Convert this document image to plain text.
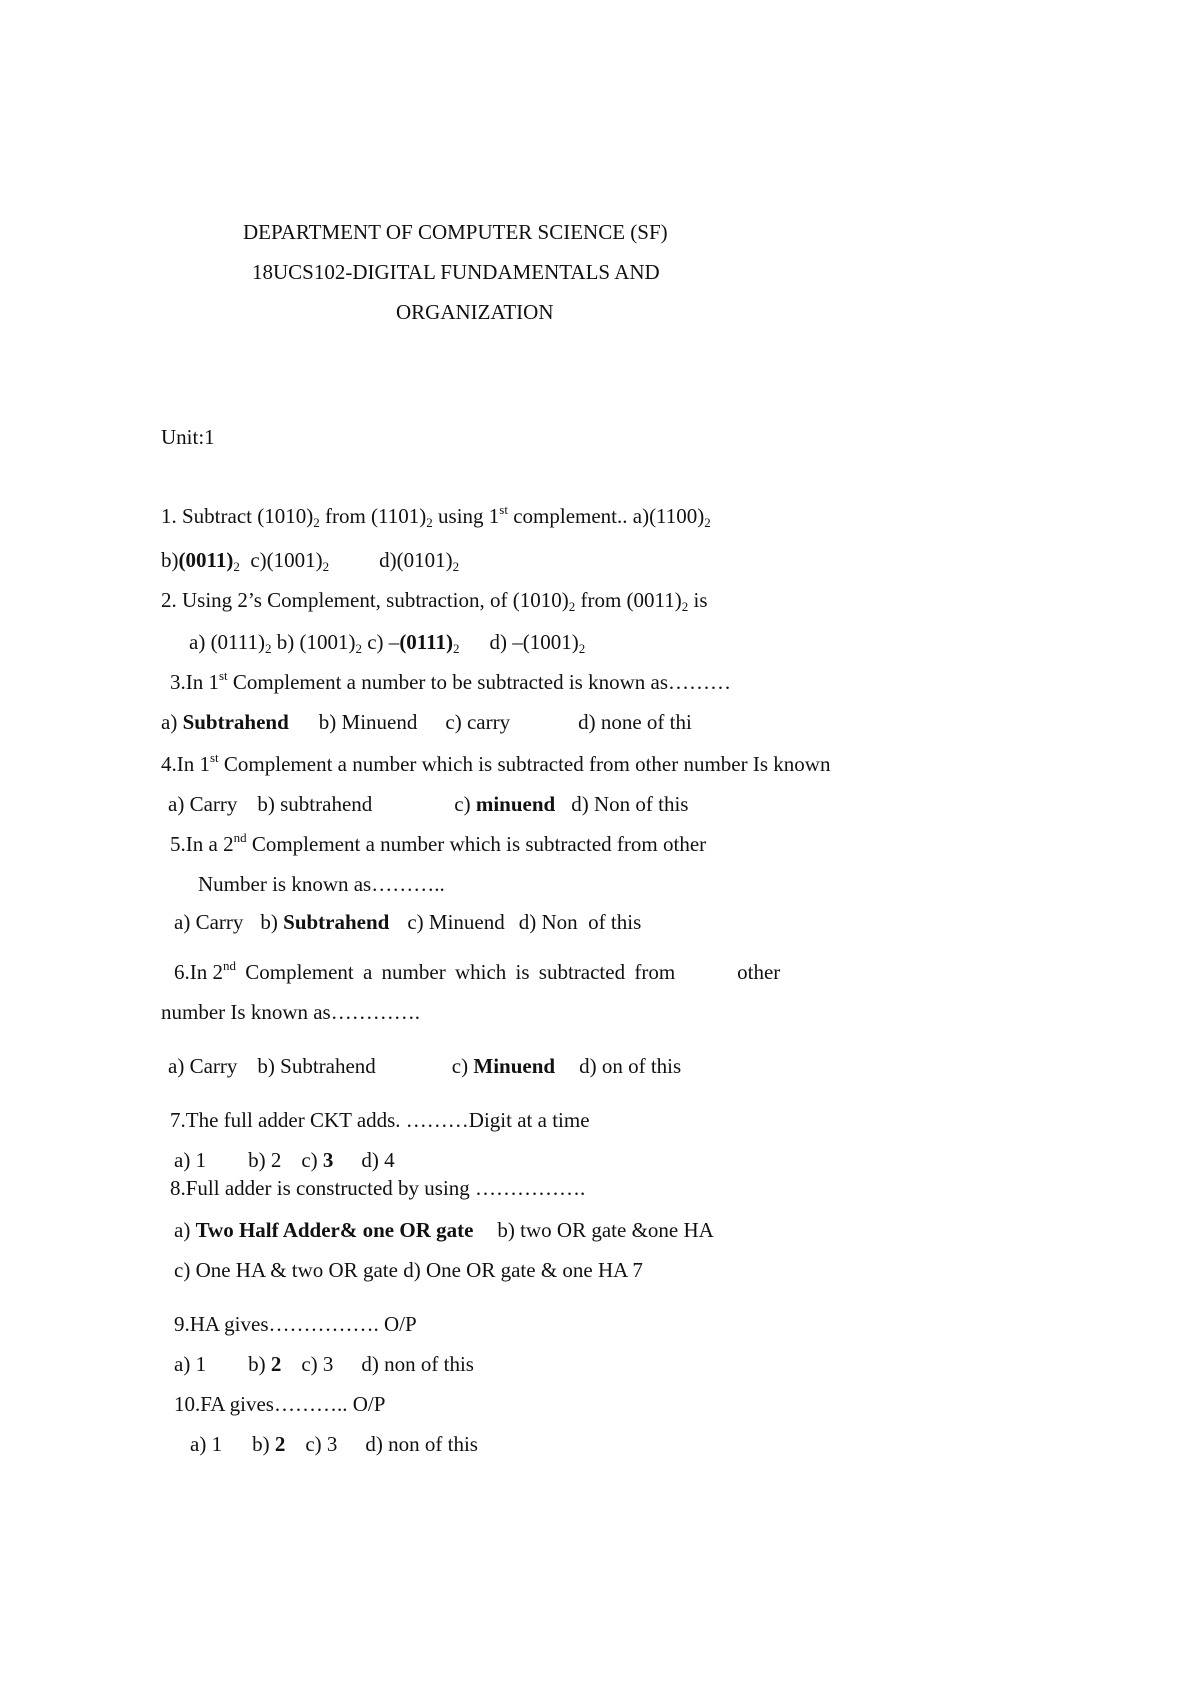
DEPARTMENT OF COMPUTER SCIENCE (SF)
18UCS102-DIGITAL FUNDAMENTALS AND
ORGANIZATION
Unit:1
1. Subtract $(1010)_2$ from $(1101)_2$ using 1st complement.. $a)(1100)_2$
$b)(0011)_2$  $c)(1001)_2$ $d)(0101)_2$
2. Using 2’s Complement, subtraction, of $(1010)_2$ from $(0011)_2$ is
a) $(0111)_2$ b) $(1001)_2$ c) $-(0111)_2$ d) $-(1001)_2$
3.In 1st Complement a number to be subtracted is known as………
a) Subtrahend b) Minuend c) carry	d) none of thi
4.In 1st Complement a number which is subtracted from other number Is known
a) Carry b) subtrahend	c) minuend d) Non of this
5.In a 2nd Complement a number which is subtracted from other
Number is known as………..
a) Carry b) Subtrahend c) Minuend d) Non  of this
6.In 2nd Complement a number which is subtracted from	other
number Is known as………….
a) Carry b) Subtrahend	c) Minuend d) on of this
7.The full adder CKT adds. ………Digit at a time
a) 1 b) 2 c) 3 d) 4
8.Full adder is constructed by using …………….
a) Two Half Adder& one OR gate b) two OR gate &one HA
c) One HA & two OR gate d) One OR gate & one HA 7
9.HA gives……………. O/P
a) 1 b) 2 c) 3 d) non of this
10.FA gives……….. O/P
a) 1 b) 2 c) 3 d) non of this
